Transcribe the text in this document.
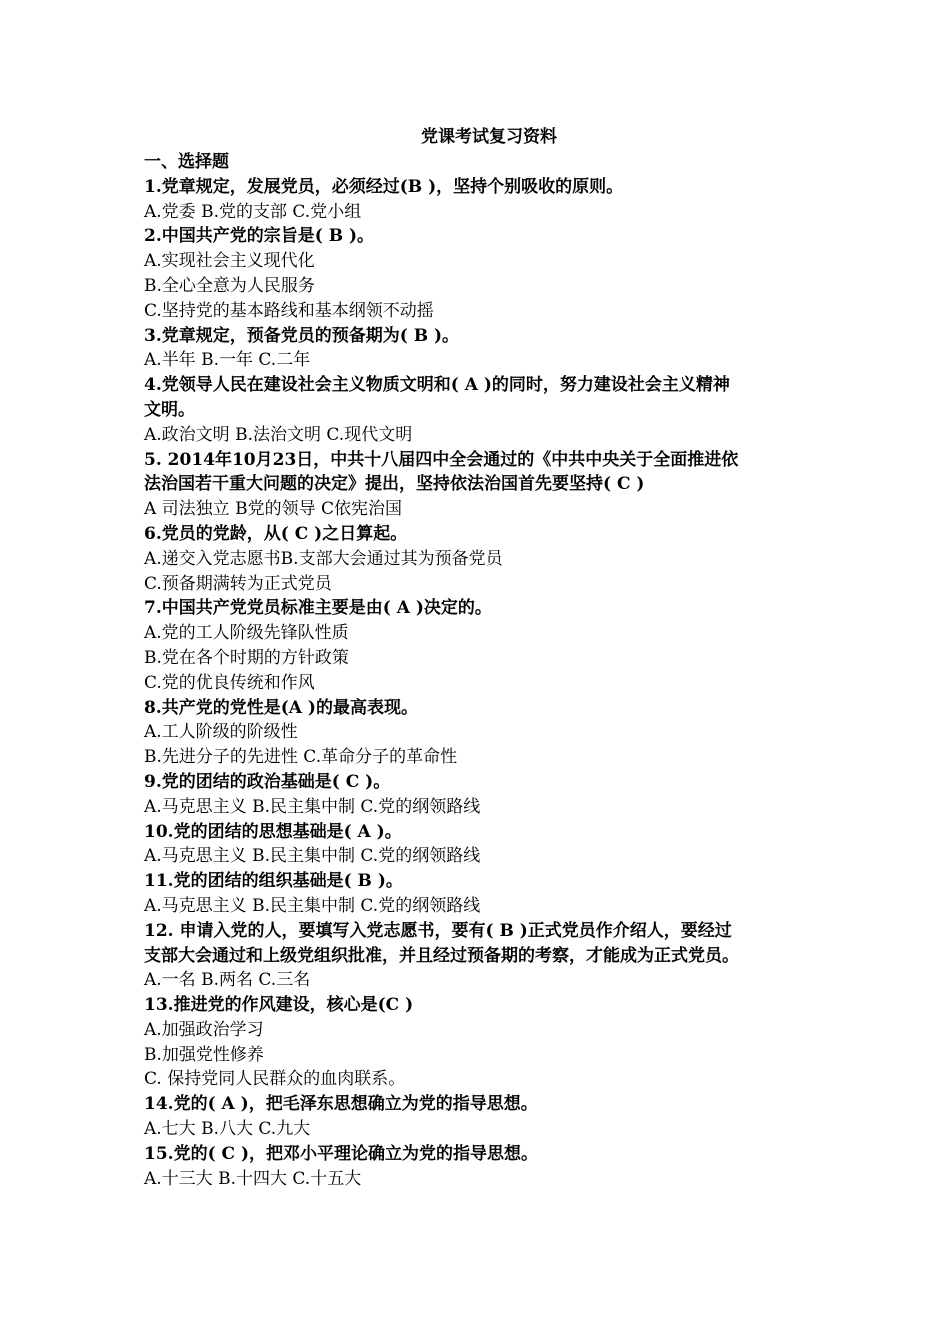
党课考试复习资料
一、选择题
1.党章规定，发展党员，必须经过(B )，坚持个别吸收的原则。
A.党委 B.党的支部 C.党小组
2.中国共产党的宗旨是( B )。
A.实现社会主义现代化
B.全心全意为人民服务
C.坚持党的基本路线和基本纲领不动摇
3.党章规定，预备党员的预备期为( B )。
A.半年 B.一年 C.二年
4.党领导人民在建设社会主义物质文明和( A )的同时，努力建设社会主义精神
文明。
A.政治文明 B.法治文明 C.现代文明
5. 2014年10月23日，中共十八届四中全会通过的《中共中央关于全面推进依
法治国若干重大问题的决定》提出，坚持依法治国首先要坚持( C )
A 司法独立 B党的领导 C依宪治国
6.党员的党龄，从( C )之日算起。
A.递交入党志愿书B.支部大会通过其为预备党员
C.预备期满转为正式党员
7.中国共产党党员标准主要是由( A )决定的。
A.党的工人阶级先锋队性质
B.党在各个时期的方针政策
C.党的优良传统和作风
8.共产党的党性是(A )的最高表现。
A.工人阶级的阶级性
B.先进分子的先进性 C.革命分子的革命性
9.党的团结的政治基础是( C )。
A.马克思主义 B.民主集中制 C.党的纲领路线
10.党的团结的思想基础是( A )。
A.马克思主义 B.民主集中制 C.党的纲领路线
11.党的团结的组织基础是( B )。
A.马克思主义 B.民主集中制 C.党的纲领路线
12. 申请入党的人，要填写入党志愿书，要有( B )正式党员作介绍人，要经过
支部大会通过和上级党组织批准，并且经过预备期的考察，才能成为正式党员。
A.一名 B.两名 C.三名
13.推进党的作风建设，核心是(C )
A.加强政治学习
B.加强党性修养
C. 保持党同人民群众的血肉联系。
14.党的( A )，把毛泽东思想确立为党的指导思想。
A.七大 B.八大 C.九大
15.党的( C )，把邓小平理论确立为党的指导思想。
A.十三大 B.十四大 C.十五大
